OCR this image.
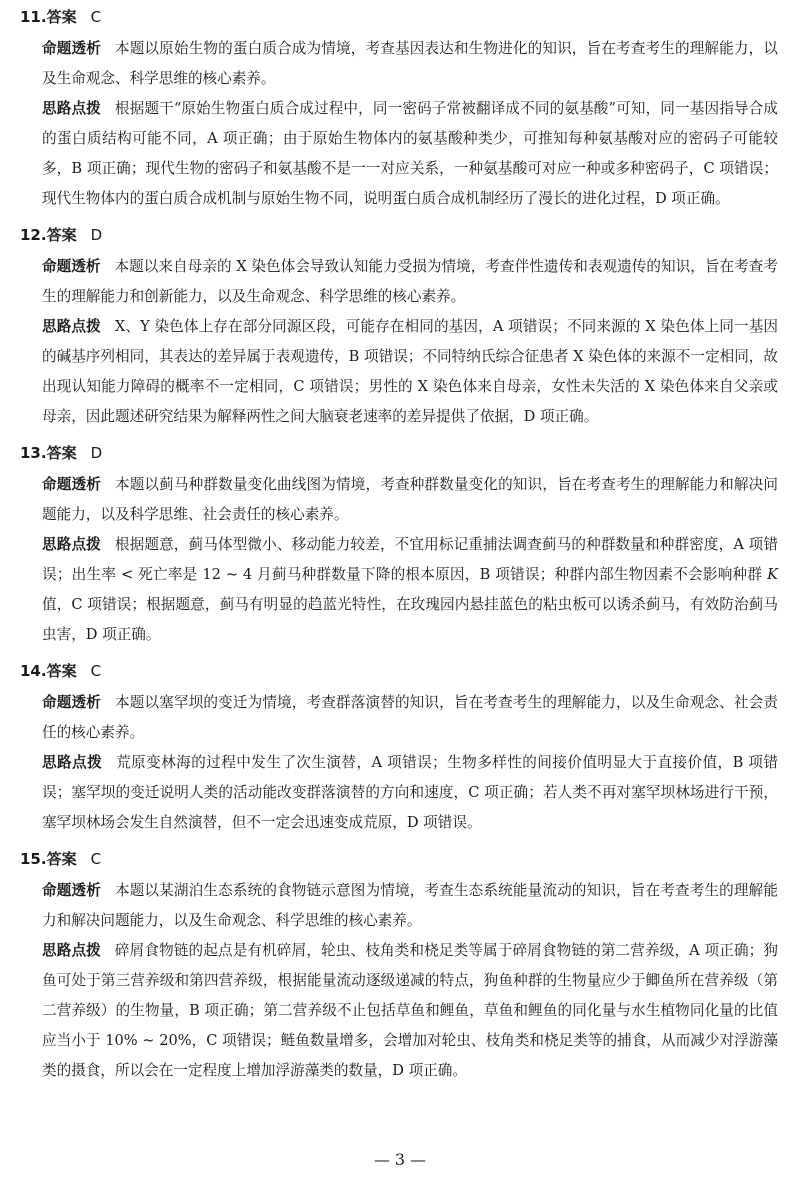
11.答案 C

命题透析 本题以原始生物的蛋白质合成为情境，考查基因表达和生物进化的知识，旨在考查考生的理解能力，以及生命观念、科学思维的核心素养。

思路点拨 根据题干“原始生物蛋白质合成过程中，同一密码子常被翻译成不同的氨基酸”可知，同一基因指导合成的蛋白质结构可能不同，A 项正确；由于原始生物体内的氨基酸种类少，可推知每种氨基酸对应的密码子可能较多，B 项正确；现代生物的密码子和氨基酸不是一一对应关系，一种氨基酸可对应一种或多种密码子，C 项错误；现代生物体内的蛋白质合成机制与原始生物不同，说明蛋白质合成机制经历了漫长的进化过程，D 项正确。

12.答案 D

命题透析 本题以来自母亲的 X 染色体会导致认知能力受损为情境，考查伴性遗传和表观遗传的知识，旨在考查考生的理解能力和创新能力，以及生命观念、科学思维的核心素养。

思路点拨 X、Y 染色体上存在部分同源区段，可能存在相同的基因，A 项错误；不同来源的 X 染色体上同一基因的碱基序列相同，其表达的差异属于表观遗传，B 项错误；不同特纳氏综合征患者 X 染色体的来源不一定相同，故出现认知能力障碍的概率不一定相同，C 项错误；男性的 X 染色体来自母亲，女性未失活的 X 染色体来自父亲或母亲，因此题述研究结果为解释两性之间大脑衰老速率的差异提供了依据，D 项正确。

13.答案 D

命题透析 本题以蓟马种群数量变化曲线图为情境，考查种群数量变化的知识，旨在考查考生的理解能力和解决问题能力，以及科学思维、社会责任的核心素养。

思路点拨 根据题意，蓟马体型微小、移动能力较差，不宜用标记重捕法调查蓟马的种群数量和种群密度，A 项错误；出生率 < 死亡率是 12 ~ 4 月蓟马种群数量下降的根本原因，B 项错误；种群内部生物因素不会影响种群 K 值，C 项错误；根据题意，蓟马有明显的趋蓝光特性，在玫瑰园内悬挂蓝色的粘虫板可以诱杀蓟马，有效防治蓟马虫害，D 项正确。

14.答案 C

命题透析 本题以塞罕坝的变迁为情境，考查群落演替的知识，旨在考查考生的理解能力，以及生命观念、社会责任的核心素养。

思路点拨 荒原变林海的过程中发生了次生演替，A 项错误；生物多样性的间接价值明显大于直接价值，B 项错误；塞罕坝的变迁说明人类的活动能改变群落演替的方向和速度，C 项正确；若人类不再对塞罕坝林场进行干预，塞罕坝林场会发生自然演替，但不一定会迅速变成荒原，D 项错误。

15.答案 C

命题透析 本题以某湖泊生态系统的食物链示意图为情境，考查生态系统能量流动的知识，旨在考查考生的理解能力和解决问题能力，以及生命观念、科学思维的核心素养。

思路点拨 碎屑食物链的起点是有机碎屑，轮虫、枝角类和桡足类等属于碎屑食物链的第二营养级，A 项正确；狗鱼可处于第三营养级和第四营养级，根据能量流动逐级递减的特点，狗鱼种群的生物量应少于鲫鱼所在营养级（第二营养级）的生物量，B 项正确；第二营养级不止包括草鱼和鲤鱼，草鱼和鲤鱼的同化量与水生植物同化量的比值应当小于 10% ~ 20%，C 项错误；鲢鱼数量增多，会增加对轮虫、枝角类和桡足类等的捕食，从而减少对浮游藻类的摄食，所以会在一定程度上增加浮游藻类的数量，D 项正确。

— 3 —
